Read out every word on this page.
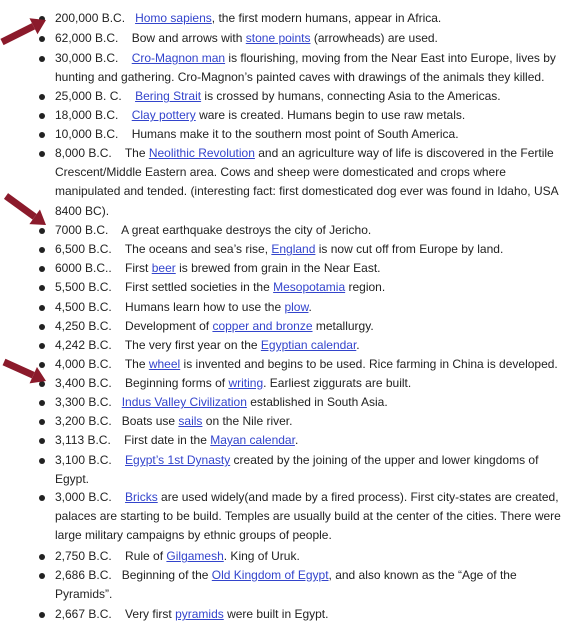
200,000 B.C. Homo sapiens, the first modern humans, appear in Africa.
62,000 B.C. Bow and arrows with stone points (arrowheads) are used.
30,000 B.C. Cro-Magnon man is flourishing, moving from the Near East into Europe, lives by hunting and gathering. Cro-Magnon’s painted caves with drawings of the animals they killed.
25,000 B. C. Bering Strait is crossed by humans, connecting Asia to the Americas.
18,000 B.C. Clay pottery ware is created. Humans begin to use raw metals.
10,000 B.C. Humans make it to the southern most point of South America.
8,000 B.C. The Neolithic Revolution and an agriculture way of life is discovered in the Fertile Crescent/Middle Eastern area. Cows and sheep were domesticated and crops where manipulated and tended. (interesting fact: first domesticated dog ever was found in Idaho, USA 8400 BC).
7000 B.C. A great earthquake destroys the city of Jericho.
6,500 B.C. The oceans and sea’s rise, England is now cut off from Europe by land.
6000 B.C.. First beer is brewed from grain in the Near East.
5,500 B.C. First settled societies in the Mesopotamia region.
4,500 B.C. Humans learn how to use the plow.
4,250 B.C. Development of copper and bronze metallurgy.
4,242 B.C. The very first year on the Egyptian calendar.
4,000 B.C. The wheel is invented and begins to be used. Rice farming in China is developed.
3,400 B.C. Beginning forms of writing. Earliest ziggurats are built.
3,300 B.C. Indus Valley Civilization established in South Asia.
3,200 B.C. Boats use sails on the Nile river.
3,113 B.C. First date in the Mayan calendar.
3,100 B.C. Egypt’s 1st Dynasty created by the joining of the upper and lower kingdoms of Egypt.
3,000 B.C. Bricks are used widely(and made by a fired process). First city-states are created, palaces are starting to be build. Temples are usually build at the center of the cities. There were large military campaigns by ethnic groups of people.
2,750 B.C. Rule of Gilgamesh. King of Uruk.
2,686 B.C. Beginning of the Old Kingdom of Egypt, and also known as the “Age of the Pyramids”.
2,667 B.C. Very first pyramids were built in Egypt.
